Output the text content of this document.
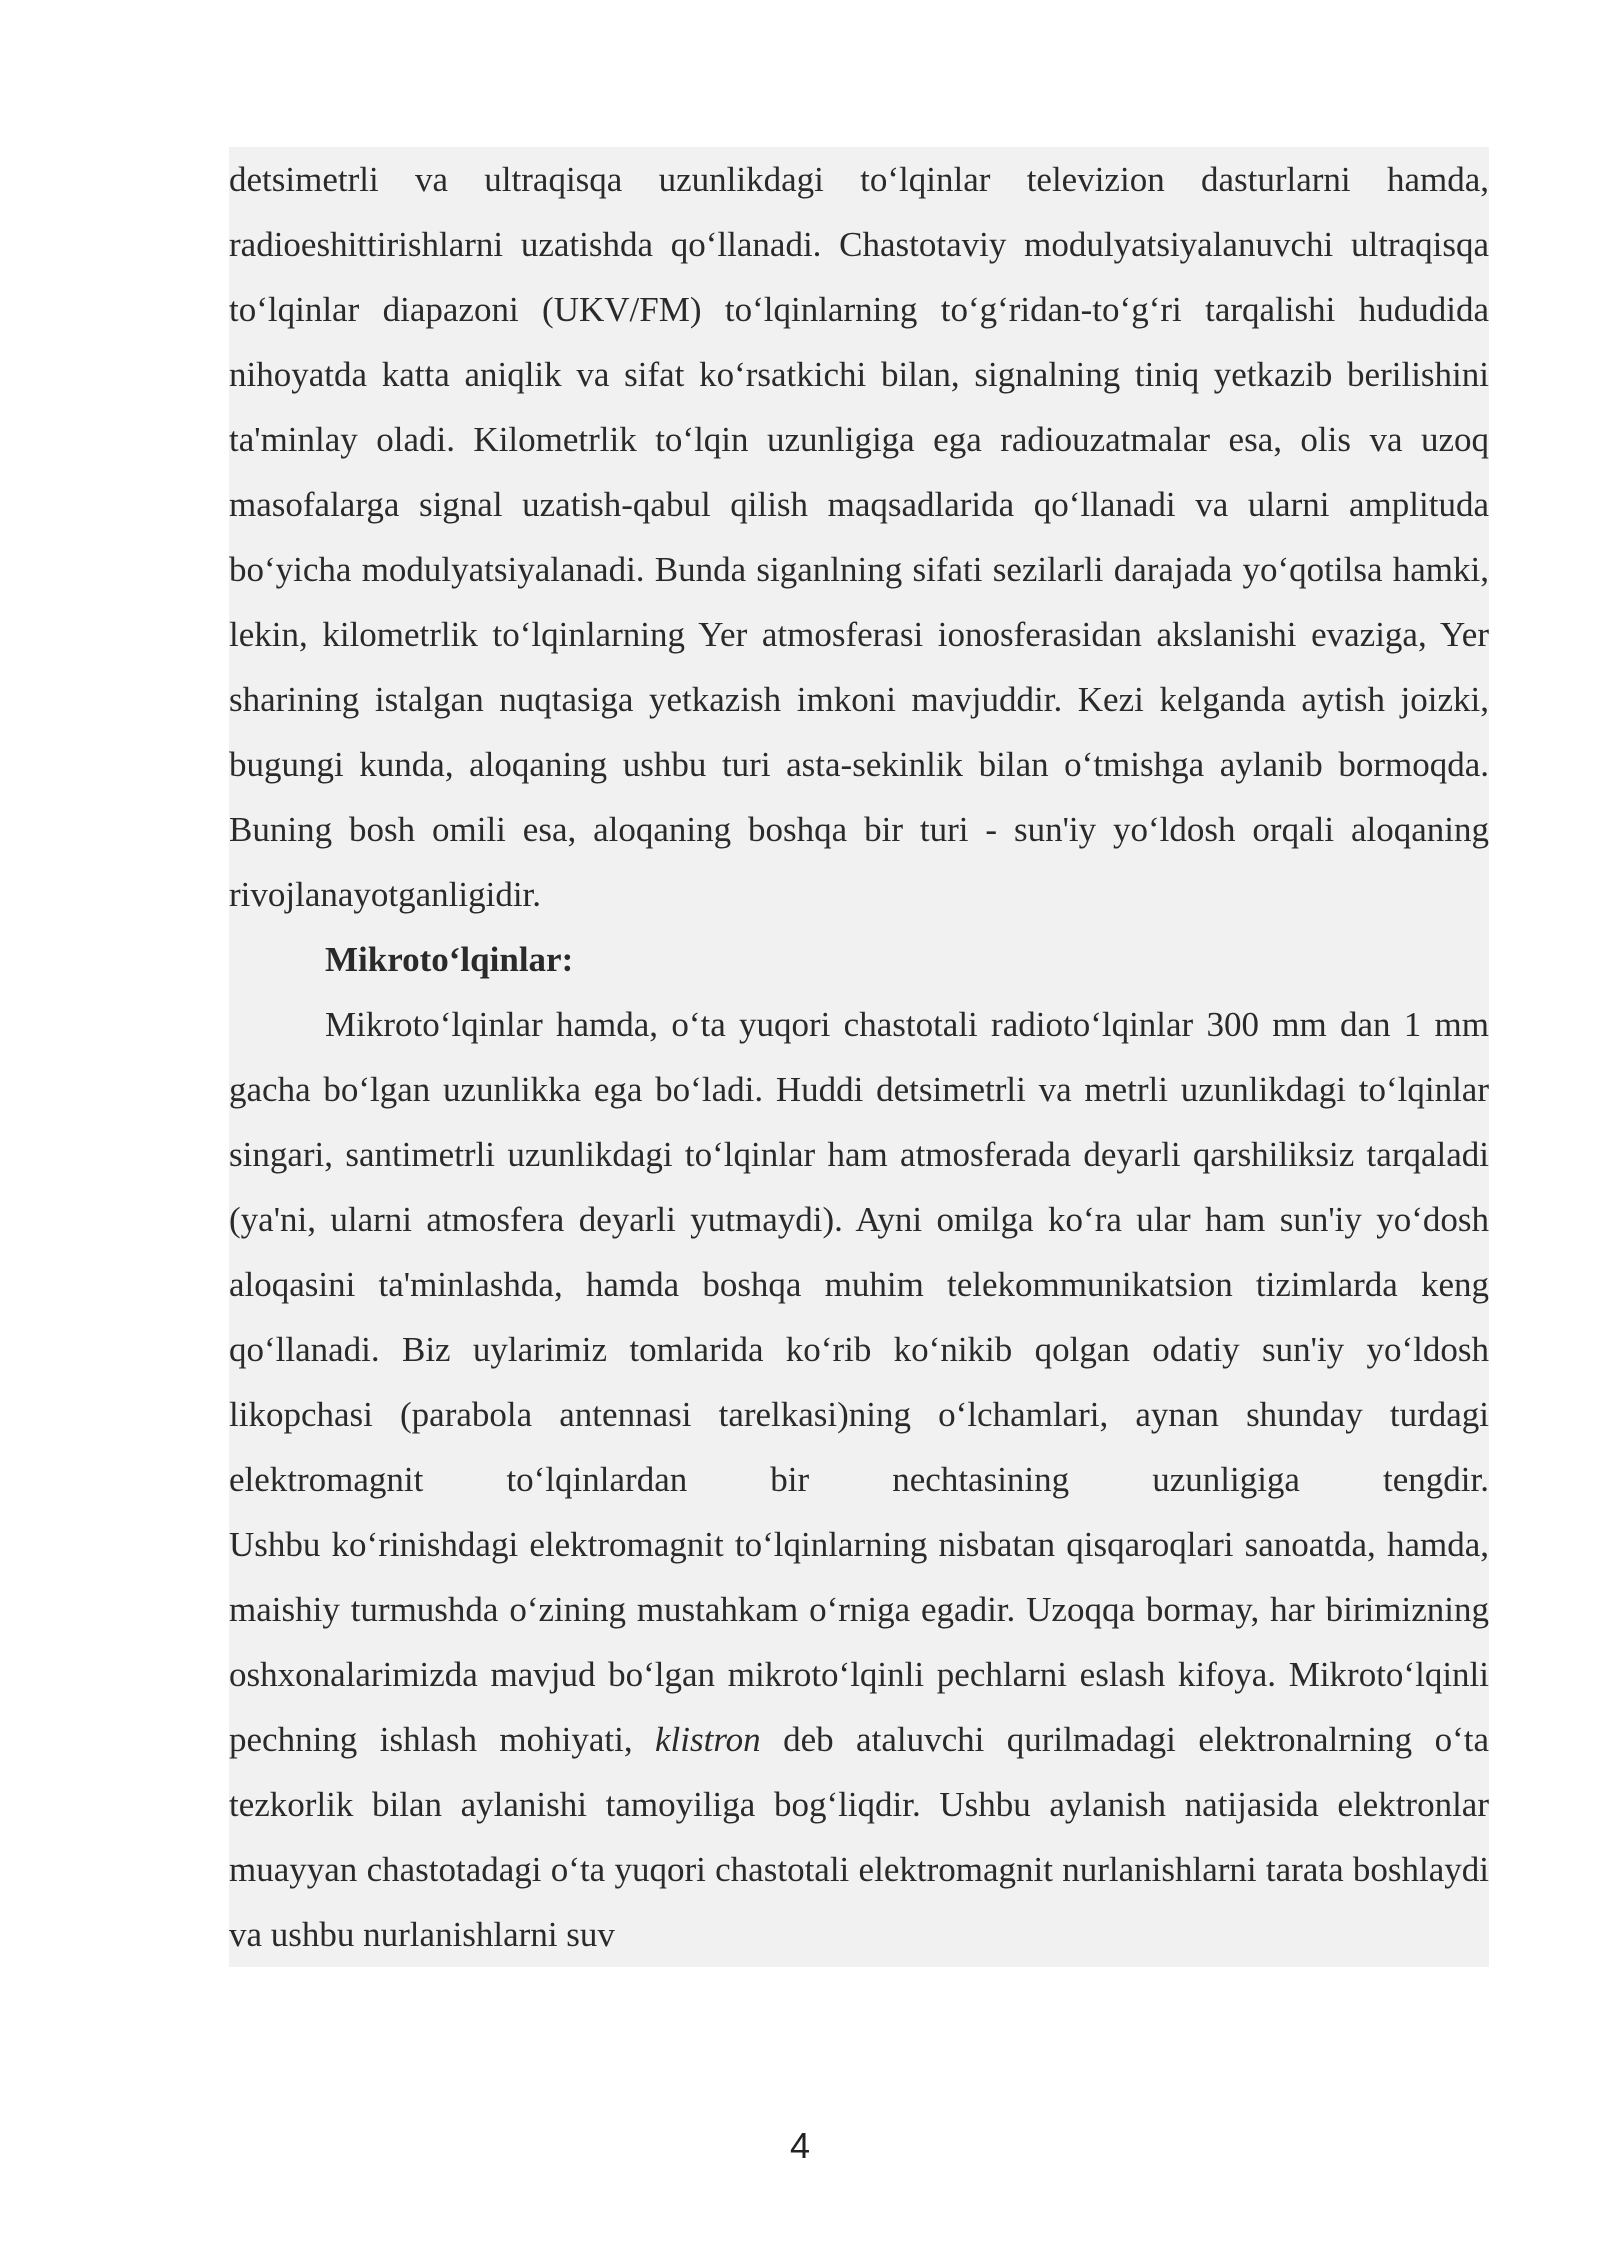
detsimetrli va ultraqisqa uzunlikdagi to‘lqinlar televizion dasturlarni hamda, radioeshittirishlarni uzatishda qo‘llanadi. Chastotaviy modulyatsiyalanuvchi ultraqisqa to‘lqinlar diapazoni (UKV/FM) to‘lqinlarning to‘g‘ridan-to‘g‘ri tarqalishi hududida nihoyatda katta aniqlik va sifat ko‘rsatkichi bilan, signalning tiniq yetkazib berilishini ta'minlay oladi. Kilometrlik to‘lqin uzunligiga ega radiouzatmalar esa, olis va uzoq masofalarga signal uzatish-qabul qilish maqsadlarida qo‘llanadi va ularni amplituda bo‘yicha modulyatsiyalanadi. Bunda siganlning sifati sezilarli darajada yo‘qotilsa hamki, lekin, kilometrlik to‘lqinlarning Yer atmosferasi ionosferasidan akslanishi evaziga, Yer sharining istalgan nuqtasiga yetkazish imkoni mavjuddir. Kezi kelganda aytish joizki, bugungi kunda, aloqaning ushbu turi asta-sekinlik bilan o‘tmishga aylanib bormoqda. Buning bosh omili esa, aloqaning boshqa bir turi - sun'iy yo‘ldosh orqali aloqaning rivojlanayotganligidir.

Mikroto‘lqinlar:

Mikroto‘lqinlar hamda, o‘ta yuqori chastotali radioto‘lqinlar 300 mm dan 1 mm gacha bo‘lgan uzunlikka ega bo‘ladi. Huddi detsimetrli va metrli uzunlikdagi to‘lqinlar singari, santimetrli uzunlikdagi to‘lqinlar ham atmosferada deyarli qarshiliksiz tarqaladi (ya'ni, ularni atmosfera deyarli yutmaydi). Ayni omilga ko‘ra ular ham sun'iy yo‘dosh aloqasini ta'minlashda, hamda boshqa muhim telekommunikatsion tizimlarda keng qo‘llanadi. Biz uylarimiz tomlarida ko‘rib ko‘nikib qolgan odatiy sun'iy yo‘ldosh likopchasi (parabola antennasi tarelkasi)ning o‘lchamlari, aynan shunday turdagi elektromagnit to‘lqinlardan bir nechtasining uzunligiga tengdir.

Ushbu ko‘rinishdagi elektromagnit to‘lqinlarning nisbatan qisqaroqlari sanoatda, hamda, maishiy turmushda o‘zining mustahkam o‘rniga egadir. Uzoqqa bormay, har birimizning oshxonalarimizda mavjud bo‘lgan mikroto‘lqinli pechlarni eslash kifoya. Mikroto‘lqinli pechning ishlash mohiyati, klistron deb ataluvchi qurilmadagi elektronalrning o‘ta tezkorlik bilan aylanishi tamoyiliga bog‘liqdir. Ushbu aylanish natijasida elektronlar muayyan chastotadagi o‘ta yuqori chastotali elektromagnit nurlanishlarni tarata boshlaydi va ushbu nurlanishlarni suv

4
